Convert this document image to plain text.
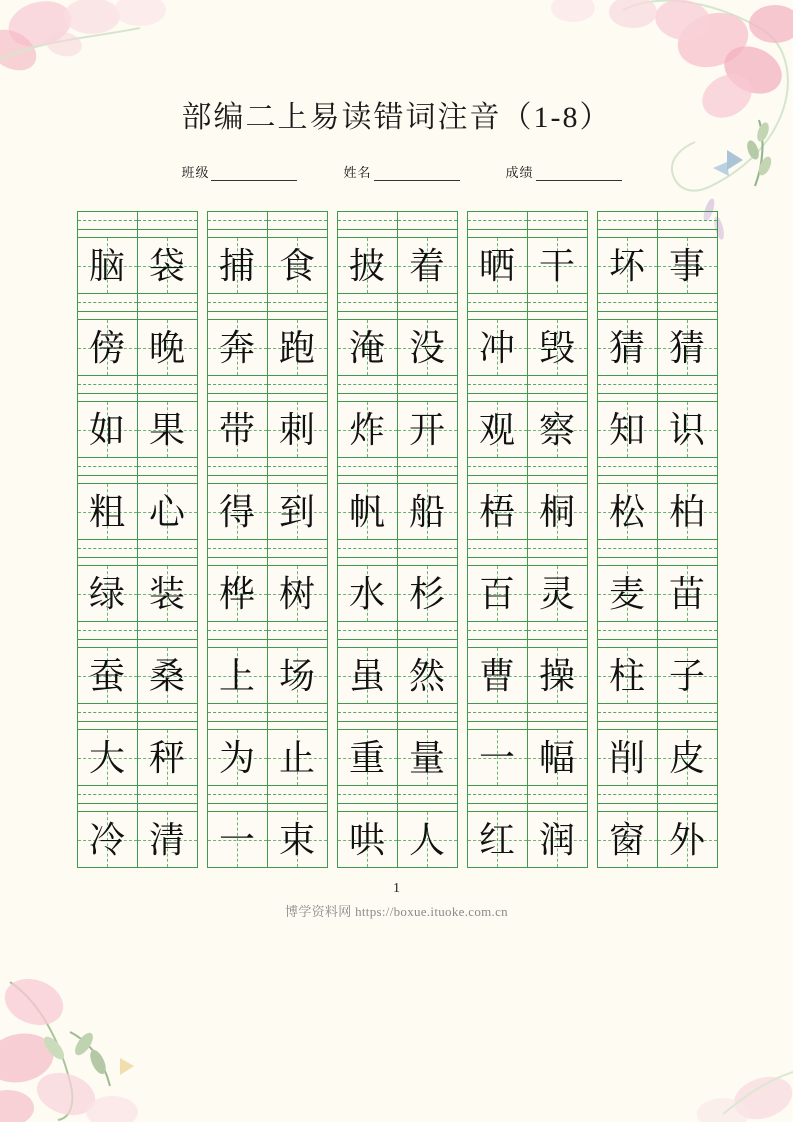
部编二上易读错词注音（1-8）
班级	姓名	成绩
脑 袋
傍 晚
如 果
粗 心
绿 装
蚕 桑
大 秤
冷 清
捕 食
奔 跑
带 刺
得 到
桦 树
上 场
为 止
一 束
披 着
淹 没
炸 开
帆 船
水 杉
虽 然
重 量
哄 人
晒 干
冲 毁
观 察
梧 桐
百 灵
曹 操
一 幅
红 润
坏 事
猜 猜
知 识
松 柏
麦 苗
柱 子
削 皮
窗 外
1
博学资料网 https://boxue.ituoke.com.cn
